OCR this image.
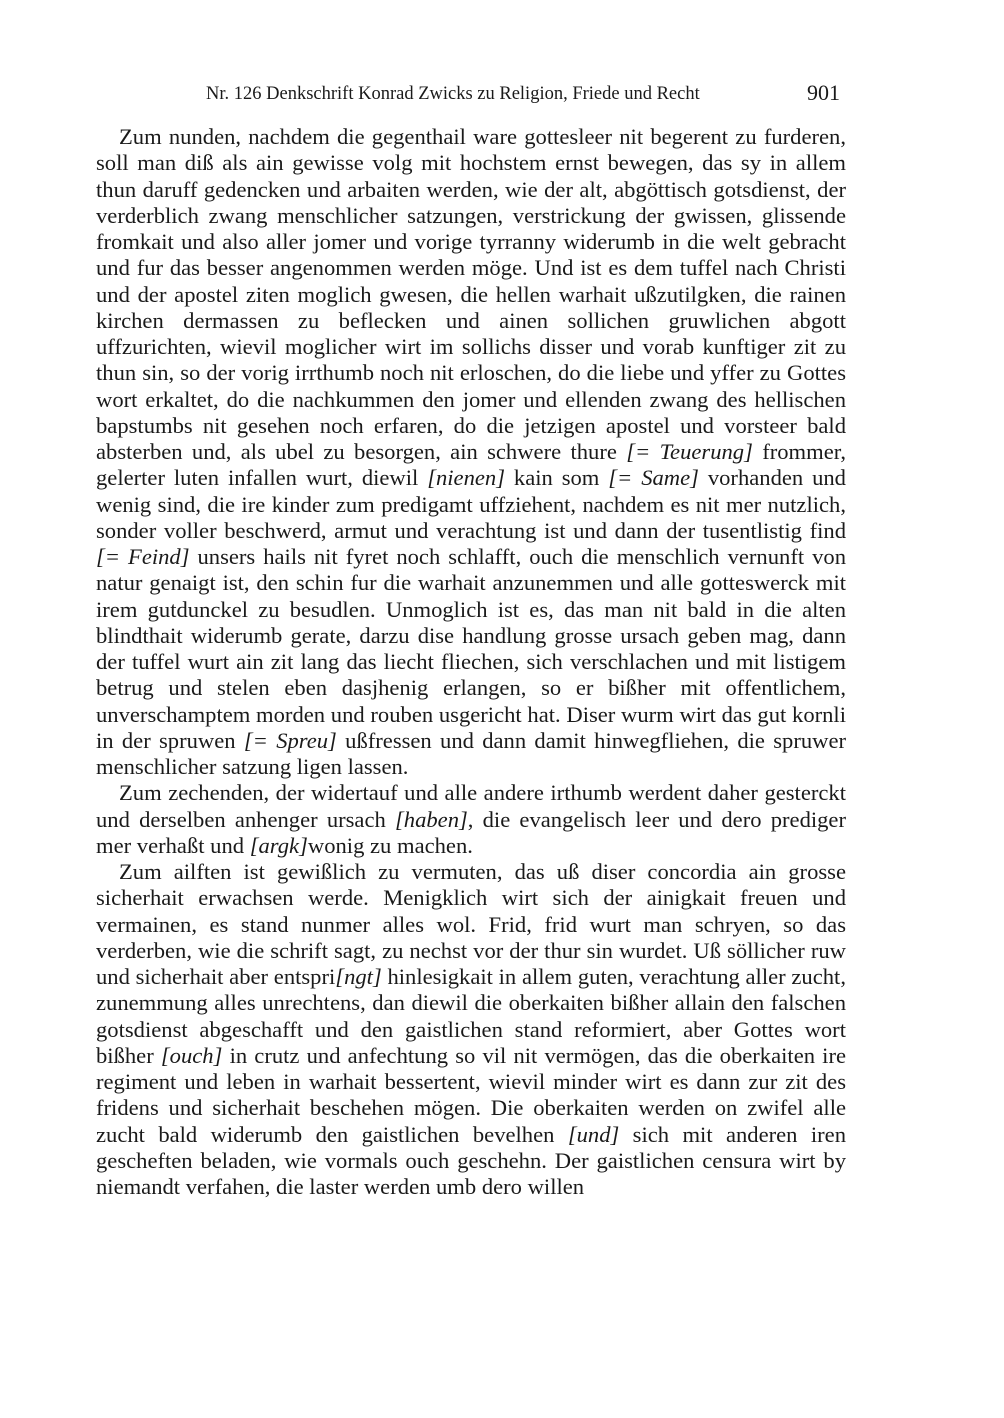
Nr. 126 Denkschrift Konrad Zwicks zu Religion, Friede und Recht	901

Zum nunden, nachdem die gegenthail ware gottesleer nit begerent zu furderen, soll man diß als ain gewisse volg mit hochstem ernst bewegen, das sy in allem thun daruff gedencken und arbaiten werden, wie der alt, abgöttisch gotsdienst, der verderblich zwang menschlicher satzungen, verstrickung der gwissen, glissende fromkait und also aller jomer und vorige tyrranny widerumb in die welt gebracht und fur das besser angenommen werden möge. Und ist es dem tuffel nach Christi und der apostel ziten moglich gwesen, die hellen warhait ußzutilgken, die rainen kirchen dermassen zu beflecken und ainen sollichen gruwlichen abgott uffzurichten, wievil moglicher wirt im sollichs disser und vorab kunftiger zit zu thun sin, so der vorig irrthumb noch nit erloschen, do die liebe und yffer zu Gottes wort erkaltet, do die nachkummen den jomer und ellenden zwang des hellischen bapstumbs nit gesehen noch erfaren, do die jetzigen apostel und vorsteer bald absterben und, als ubel zu besorgen, ain schwere thure [= Teuerung] frommer, gelerter luten infallen wurt, diewil [nienen] kain som [= Same] vorhanden und wenig sind, die ire kinder zum predigamt uffziehent, nachdem es nit mer nutzlich, sonder voller beschwerd, armut und verachtung ist und dann der tusentlistig find [= Feind] unsers hails nit fyret noch schlafft, ouch die menschlich vernunft von natur genaigt ist, den schin fur die warhait anzunemmen und alle gotteswerck mit irem gutdunckel zu besudlen. Unmoglich ist es, das man nit bald in die alten blindthait widerumb gerate, darzu dise handlung grosse ursach geben mag, dann der tuffel wurt ain zit lang das liecht fliechen, sich verschlachen und mit listigem betrug und stelen eben dasjhenig erlangen, so er bißher mit offentlichem, unverschamptem morden und rouben usgericht hat. Diser wurm wirt das gut kornli in der spruwen [= Spreu] ußfressen und dann damit hinwegfliehen, die spruwer menschlicher satzung ligen lassen.

Zum zechenden, der widertauf und alle andere irthumb werdent daher gesterckt und derselben anhenger ursach [haben], die evangelisch leer und dero prediger mer verhaßt und [argk]wonig zu machen.

Zum ailften ist gewißlich zu vermuten, das uß diser concordia ain grosse sicherhait erwachsen werde. Menigklich wirt sich der ainigkait freuen und vermainen, es stand nunmer alles wol. Frid, frid wurt man schryen, so das verderben, wie die schrift sagt, zu nechst vor der thur sin wurdet. Uß söllicher ruw und sicherhait aber entspri[ngt] hinlesigkait in allem guten, verachtung aller zucht, zunemmung alles unrechtens, dan diewil die oberkaiten bißher allain den falschen gotsdienst abgeschafft und den gaistlichen stand reformiert, aber Gottes wort bißher [ouch] in crutz und anfechtung so vil nit vermögen, das die oberkaiten ire regiment und leben in warhait bessertent, wievil minder wirt es dann zur zit des fridens und sicherhait beschehen mögen. Die oberkaiten werden on zwifel alle zucht bald widerumb den gaistlichen bevelhen [und] sich mit anderen iren gescheften beladen, wie vormals ouch geschehn. Der gaistlichen censura wirt by niemandt verfahen, die laster werden umb dero willen
